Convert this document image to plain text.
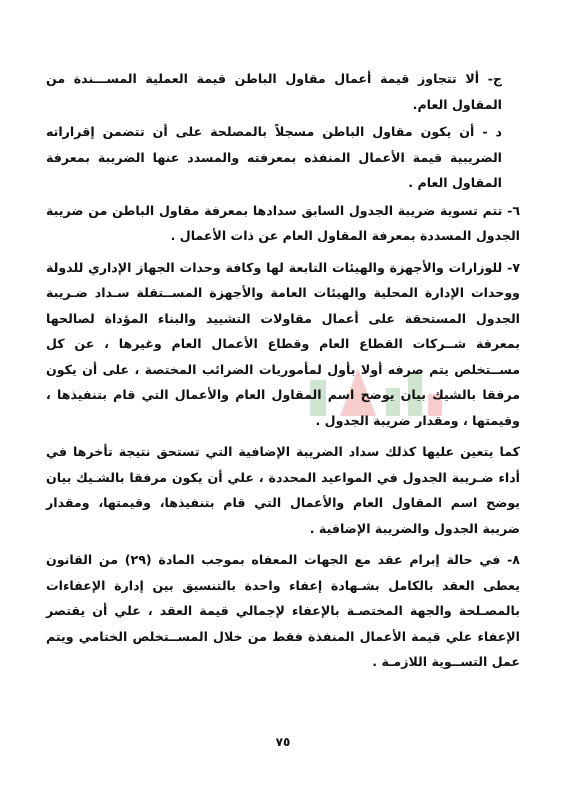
ج- ألا تتجاوز قيمة أعمال مقاول الباطن قيمة العملية المســـندة من المقاول العام.

د - أن يكون مقاول الباطن مسجلاً بالمصلحة على أن تتضمن إقراراته الضريبية قيمة الأعمال المنفذه بمعرفته والمسدد عنها الضريبة بمعرفة المقاول العام .

٦- تتم تسوية ضريبة الجدول السابق سدادها بمعرفة مقاول الباطن من ضريبة الجدول المسددة بمعرفة المقاول العام عن ذات الأعمال .

٧- للوزارات والأجهزة والهيئات التابعة لها وكافة وحدات الجهاز الإداري للدولة ووحدات الإدارة المحلية والهيئات العامة والأجهزة المســتقلة سـداد ضـريبة الجدول المستحقة على أعمال مقاولات التشييد والبناء المؤداة لصالحها بمعرفة شــركات القطاع العام وقطاع الأعمال العام وغيرها ، عن كل مســتخلص يتم صرفه أولا بأول لمأموريات الضرائب المختصة ، على أن يكون مرفقا بالشيك بيان يوضح اسم المقاول العام والأعمال التي قام بتنفيذها ، وقيمتها ، ومقدار ضريبة الجدول .

كما يتعين عليها كذلك سداد الضريبة الإضافية التي تستحق نتيجة تأخرها في أداء ضـريبة الجدول في المواعيد المحددة ، علي أن يكون مرفقا بالشـيك بيان يوضح اسم المقاول العام والأعمال التي قام بتنفيذها، وقيمتها، ومقدار ضريبة الجدول والضريبة الإضافية .

٨- في حالة إبرام عقد مع الجهات المعفاه بموجب المادة (٢٩) من القانون يعطى العقد بالكامل بشـهادة إعفاء واحدة بالتنسيق بين إدارة الإعفاءات بالمصـلحة والجهة المختصـة بالإعفاء لإجمالي قيمة العقد ، علي أن يقتصر الإعفاء علي قيمة الأعمال المنفذة فقط من خلال المســتخلص الختامي ويتم عمل التســوية اللازمـة .

٧٥
